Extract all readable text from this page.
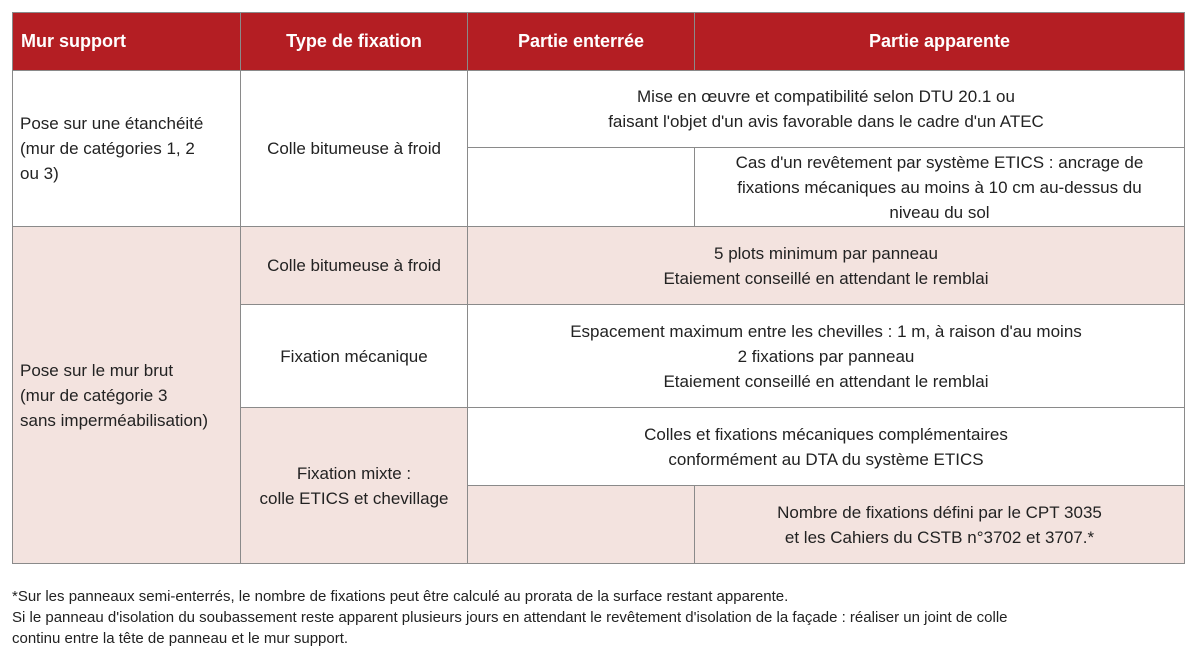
Mur support	Type de fixation	Partie enterrée	Partie apparente

Pose sur une étanchéité
(mur de catégories 1, 2
ou 3)	Colle bitumeuse à froid	Mise en œuvre et compatibilité selon DTU 20.1 ou
faisant l'objet d'un avis favorable dans le cadre d'un ATEC	

			Cas d'un revêtement par système ETICS : ancrage de
fixations mécaniques au moins à 10 cm au-dessus du
niveau du sol

Pose sur le mur brut
(mur de catégorie 3
sans imperméabilisation)	Colle bitumeuse à froid	5 plots minimum par panneau
Etaiement conseillé en attendant le remblai	

	Fixation mécanique	Espacement maximum entre les chevilles : 1 m, à raison d'au moins
2 fixations par panneau
Etaiement conseillé en attendant le remblai	

	Fixation mixte :
colle ETICS et chevillage	Colles et fixations mécaniques complémentaires
conformément au DTA du système ETICS	

			Nombre de fixations défini par le CPT 3035
et les Cahiers du CSTB n°3702 et 3707.*
*Sur les panneaux semi-enterrés, le nombre de fixations peut être calculé au prorata de la surface restant apparente.
Si le panneau d'isolation du soubassement reste apparent plusieurs jours en attendant le revêtement d'isolation de la façade : réaliser un joint de colle
continu entre la tête de panneau et le mur support.
